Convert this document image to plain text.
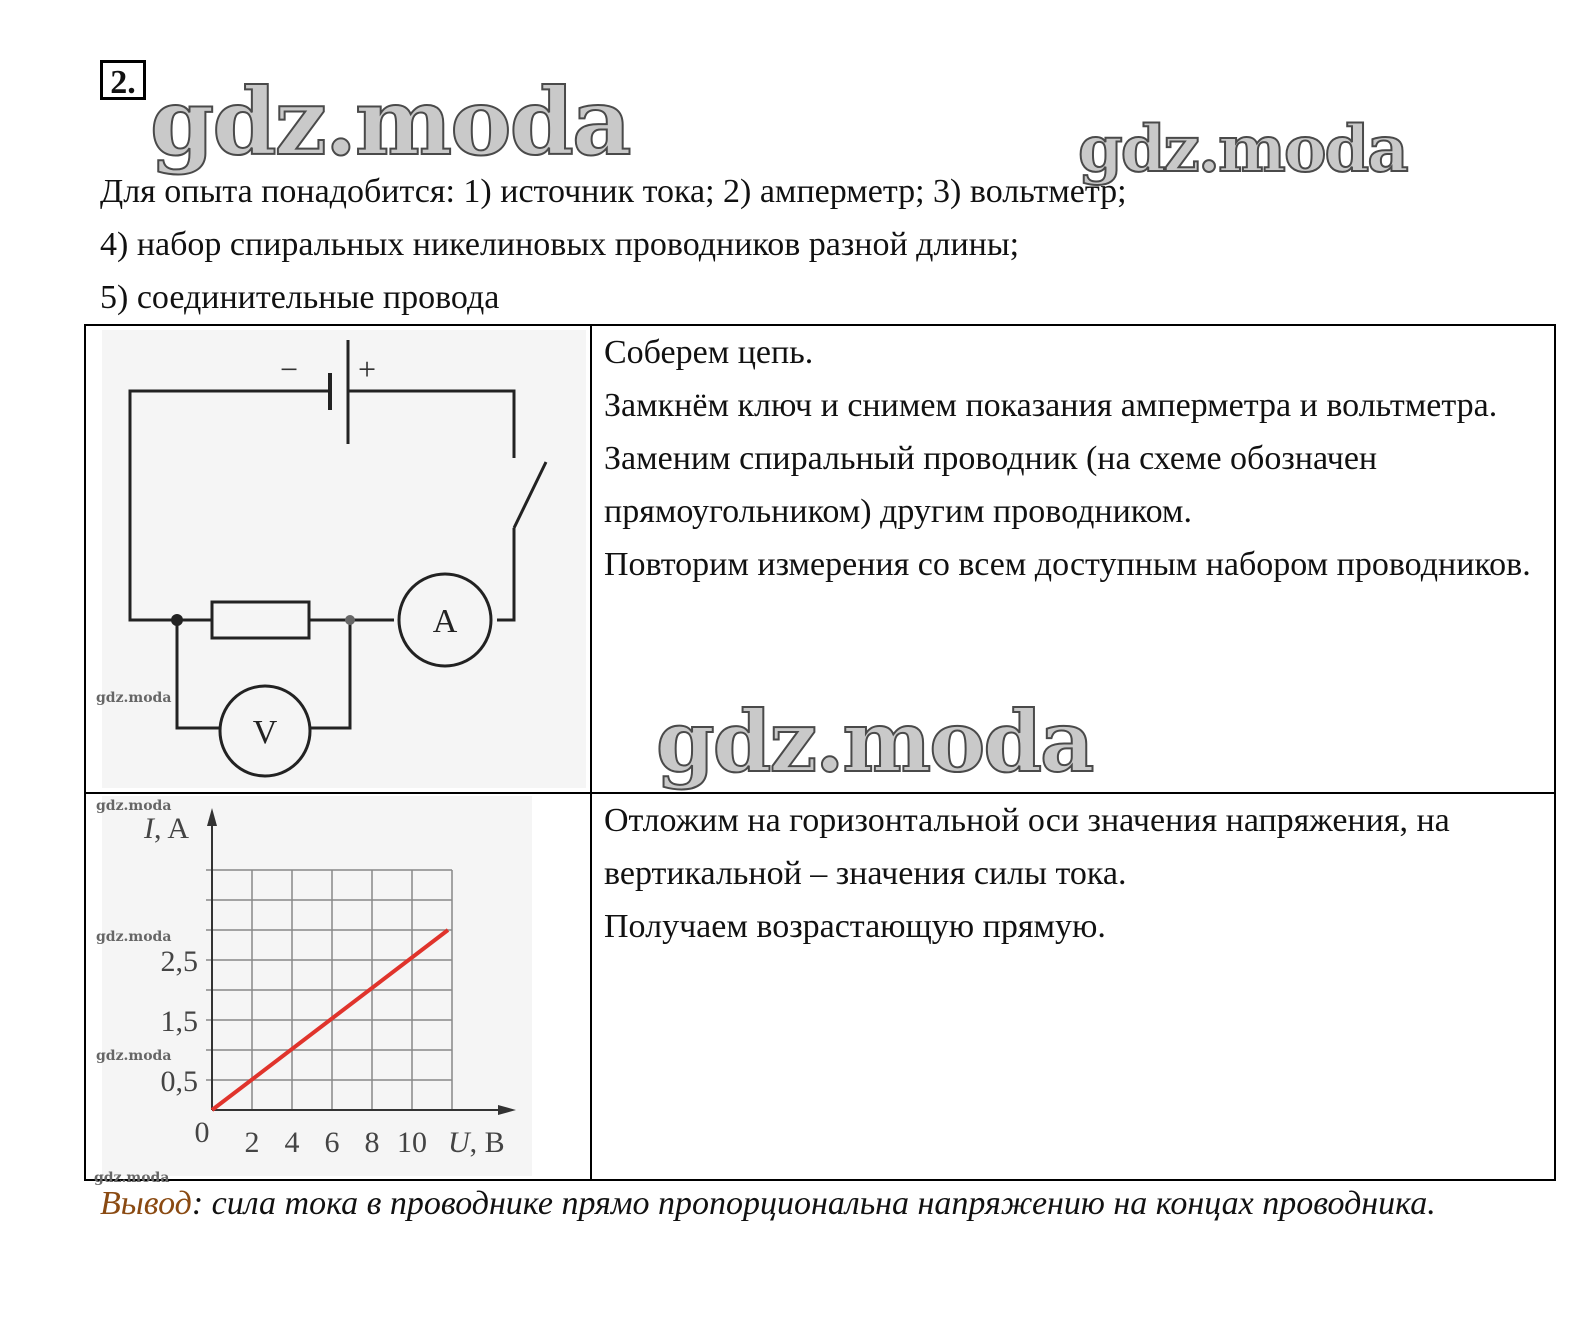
2. gdz.moda	gdz.moda

Для опыта понадобится: 1) источник тока; 2) амперметр; 3) вольтметр;

4) набор спиральных никелиновых проводников разной длины;

5) соединительные провода

− +
A
V
gdz.moda

Соберем цепь.

Замкнём ключ и снимем показания амперметра и вольтметра.

Заменим спиральный проводник (на схеме обозначен прямоугольником) другим проводником.

Повторим измерения со всем доступным набором проводников.

gdz.moda
0,5
1,5
2,5
2 4 6 8 10
0
I, A
U, B
gdz.moda
gdz.moda
gdz.moda

Отложим на горизонтальной оси значения напряжения, на вертикальной – значения силы тока.

Получаем возрастающую прямую.

gdz.moda
Вывод: сила тока в проводнике прямо пропорциональна напряжению на концах проводника.
